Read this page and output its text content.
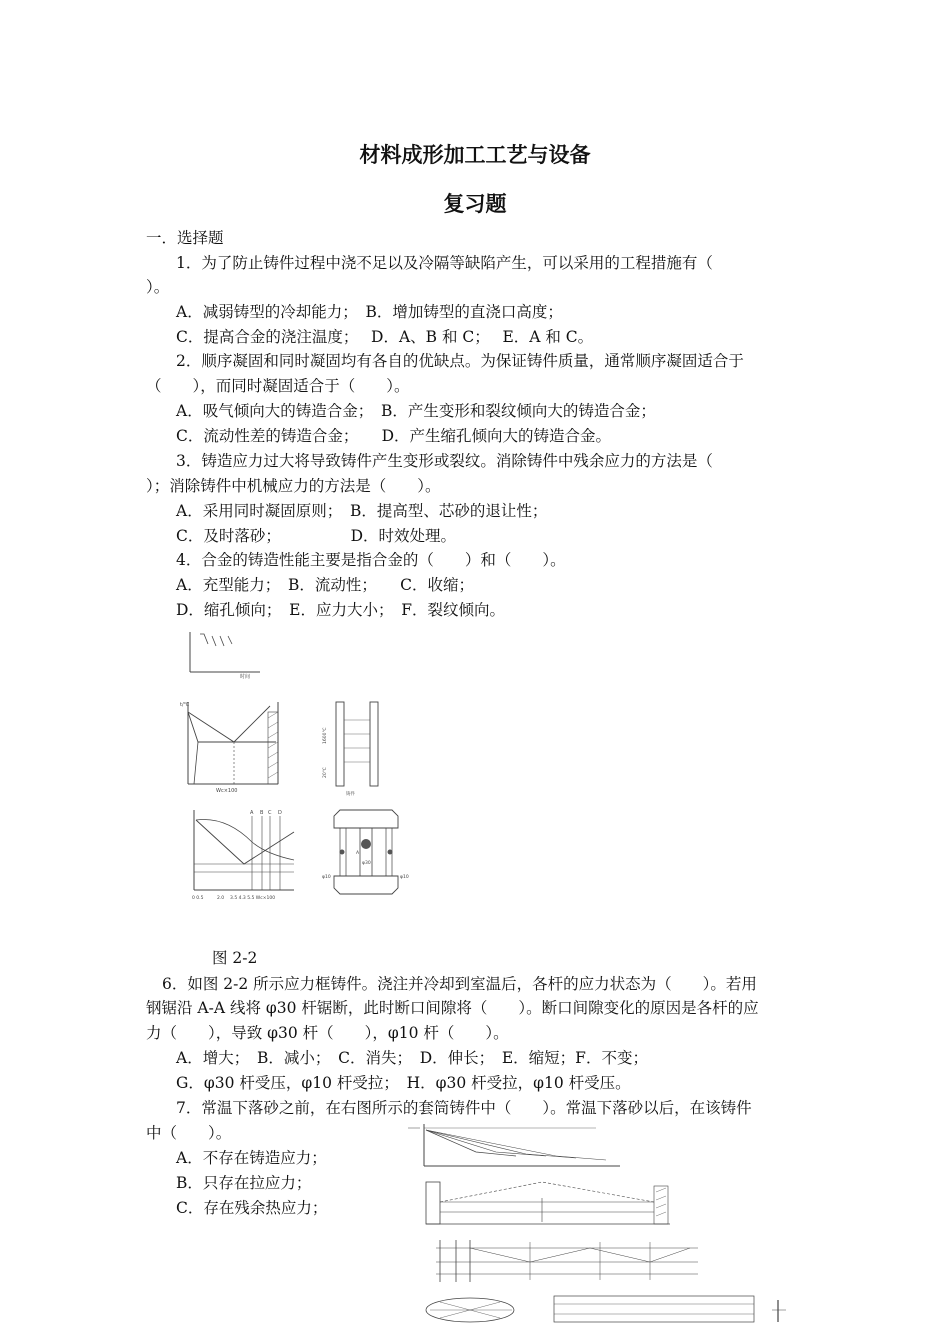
材料成形加工工艺与设备
复习题
一．选择题
1．为了防止铸件过程中浇不足以及冷隔等缺陷产生，可以采用的工程措施有（
）。
A．减弱铸型的冷却能力；　B．增加铸型的直浇口高度；
C．提高合金的浇注温度；　 D．A、B 和 C；　 E．A 和 C。
2．顺序凝固和同时凝固均有各自的优缺点。为保证铸件质量，通常顺序凝固适合于
（　　），而同时凝固适合于（　　）。
A．吸气倾向大的铸造合金；　B．产生变形和裂纹倾向大的铸造合金；
C．流动性差的铸造合金；　　D．产生缩孔倾向大的铸造合金。
3．铸造应力过大将导致铸件产生变形或裂纹。消除铸件中残余应力的方法是（
）；消除铸件中机械应力的方法是（　　）。
A．采用同时凝固原则；　B．提高型、芯砂的退让性；
C．及时落砂；　　　　　D．时效处理。
4．合金的铸造性能主要是指合金的（　　）和（　　）。
A．充型能力；　B．流动性；　　C．收缩；
D．缩孔倾向；　E．应力大小；　F．裂纹倾向。
时间
t/℃
Wc×100
1600℃
20℃
铸件
A B C D
0 0.5　　　2.0　 3.5 4.3 5.5 Wc×100
φ30
φ10	φ10
A
图 2-2
6．如图 2-2 所示应力框铸件。浇注并冷却到室温后，各杆的应力状态为（　　）。若用
钢锯沿 A-A 线将 φ30 杆锯断，此时断口间隙将（　　）。断口间隙变化的原因是各杆的应
力（　　），导致 φ30 杆（　　），φ10 杆（　　）。
A．增大；　B．减小；　C．消失；　D．伸长；　E．缩短；F．不变；
G．φ30 杆受压，φ10 杆受拉；　H．φ30 杆受拉，φ10 杆受压。
7．常温下落砂之前，在右图所示的套筒铸件中（　　）。常温下落砂以后，在该铸件
中（　　）。
A．不存在铸造应力；
B．只存在拉应力；
C．存在残余热应力；
